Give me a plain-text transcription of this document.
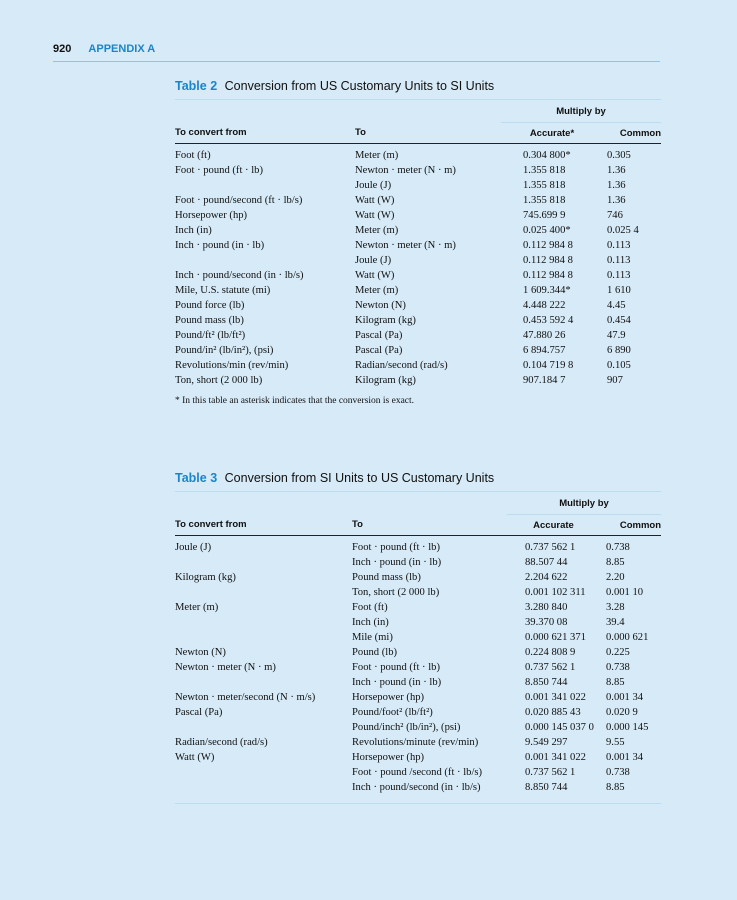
920 APPENDIX A
Table 2 Conversion from US Customary Units to SI Units
		Multiply by	
To convert from	To	Accurate*	Common

Foot (ft)	Meter (m)	0.304 800*	0.305
Foot · pound (ft · lb)	Newton · meter (N · m)	1.355 818	1.36
	Joule (J)	1.355 818	1.36
Foot · pound/second (ft · lb/s)	Watt (W)	1.355 818	1.36
Horsepower (hp)	Watt (W)	745.699 9	746
Inch (in)	Meter (m)	0.025 400*	0.025 4
Inch · pound (in · lb)	Newton · meter (N · m)	0.112 984 8	0.113
	Joule (J)	0.112 984 8	0.113
Inch · pound/second (in · lb/s)	Watt (W)	0.112 984 8	0.113
Mile, U.S. statute (mi)	Meter (m)	1 609.344*	1 610
Pound force (lb)	Newton (N)	4.448 222	4.45
Pound mass (lb)	Kilogram (kg)	0.453 592 4	0.454
Pound/ft² (lb/ft²)	Pascal (Pa)	47.880 26	47.9
Pound/in² (lb/in²), (psi)	Pascal (Pa)	6 894.757	6 890
Revolutions/min (rev/min)	Radian/second (rad/s)	0.104 719 8	0.105
Ton, short (2 000 lb)	Kilogram (kg)	907.184 7	907
* In this table an asterisk indicates that the conversion is exact.
Table 3 Conversion from SI Units to US Customary Units
		Multiply by	
To convert from	To	Accurate	Common

Joule (J)	Foot · pound (ft · lb)	0.737 562 1	0.738
	Inch · pound (in · lb)	88.507 44	8.85
Kilogram (kg)	Pound mass (lb)	2.204 622	2.20
	Ton, short (2 000 lb)	0.001 102 311	0.001 10
Meter (m)	Foot (ft)	3.280 840	3.28
	Inch (in)	39.370 08	39.4
	Mile (mi)	0.000 621 371	0.000 621
Newton (N)	Pound (lb)	0.224 808 9	0.225
Newton · meter (N · m)	Foot · pound (ft · lb)	0.737 562 1	0.738
	Inch · pound (in · lb)	8.850 744	8.85
Newton · meter/second (N · m/s)	Horsepower (hp)	0.001 341 022	0.001 34
Pascal (Pa)	Pound/foot² (lb/ft²)	0.020 885 43	0.020 9
	Pound/inch² (lb/in²), (psi)	0.000 145 037 0	0.000 145
Radian/second (rad/s)	Revolutions/minute (rev/min)	9.549 297	9.55
Watt (W)	Horsepower (hp)	0.001 341 022	0.001 34
	Foot · pound /second (ft · lb/s)	0.737 562 1	0.738
	Inch · pound/second (in · lb/s)	8.850 744	8.85
